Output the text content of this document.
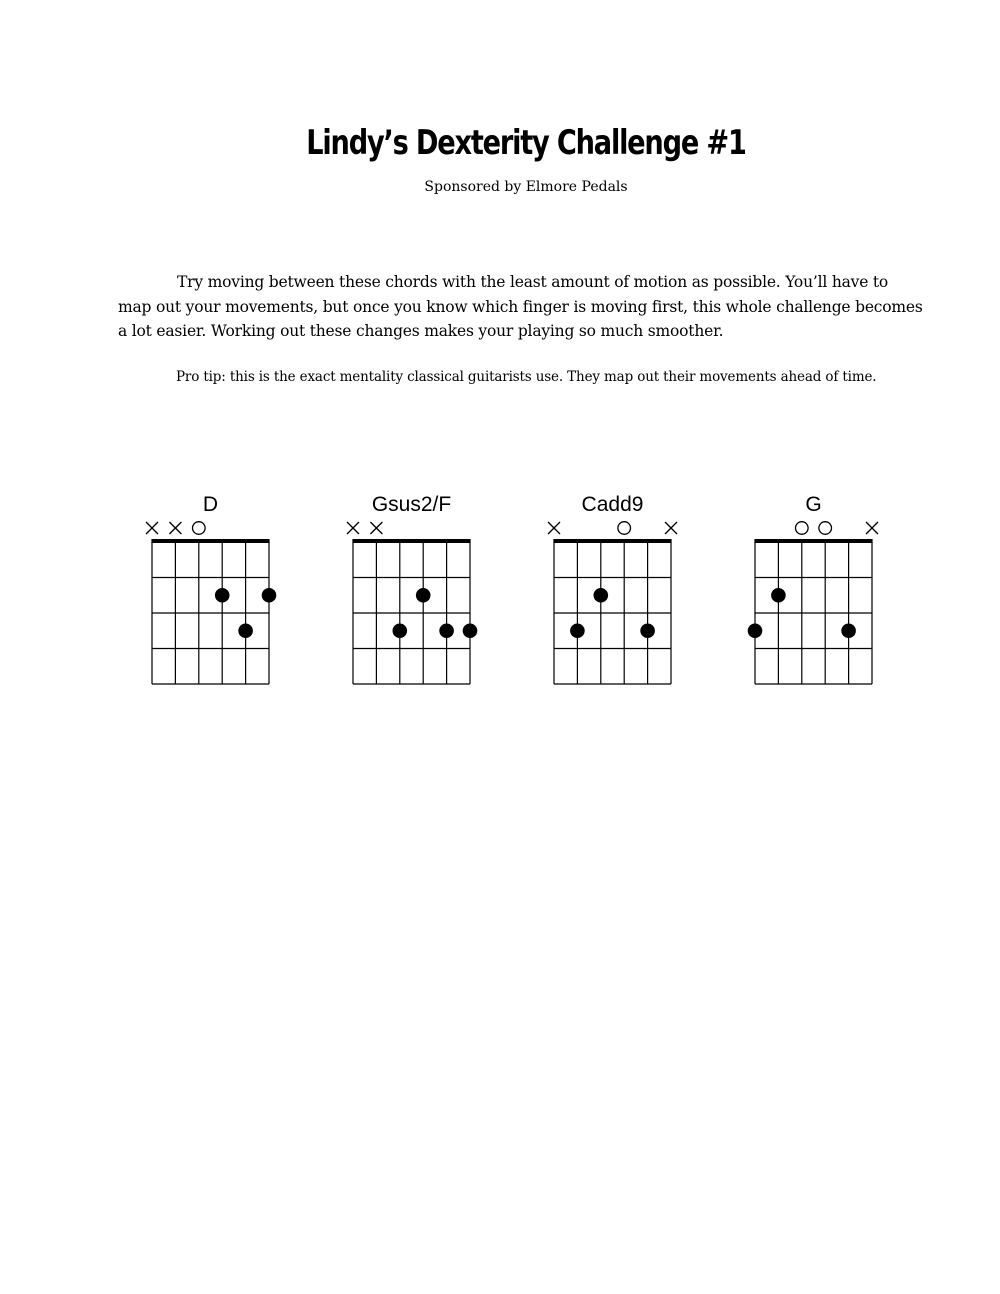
Lindy’s Dexterity Challenge #1

Sponsored by Elmore Pedals

Try moving between these chords with the least amount of motion as possible. You’ll have to map out your movements, but once you know which finger is moving first, this whole challenge becomes a lot easier. Working out these changes makes your playing so much smoother.

Pro tip: this is the exact mentality classical guitarists use. They map out their movements ahead of time.

D	Gsus2/F	Cadd9	G
